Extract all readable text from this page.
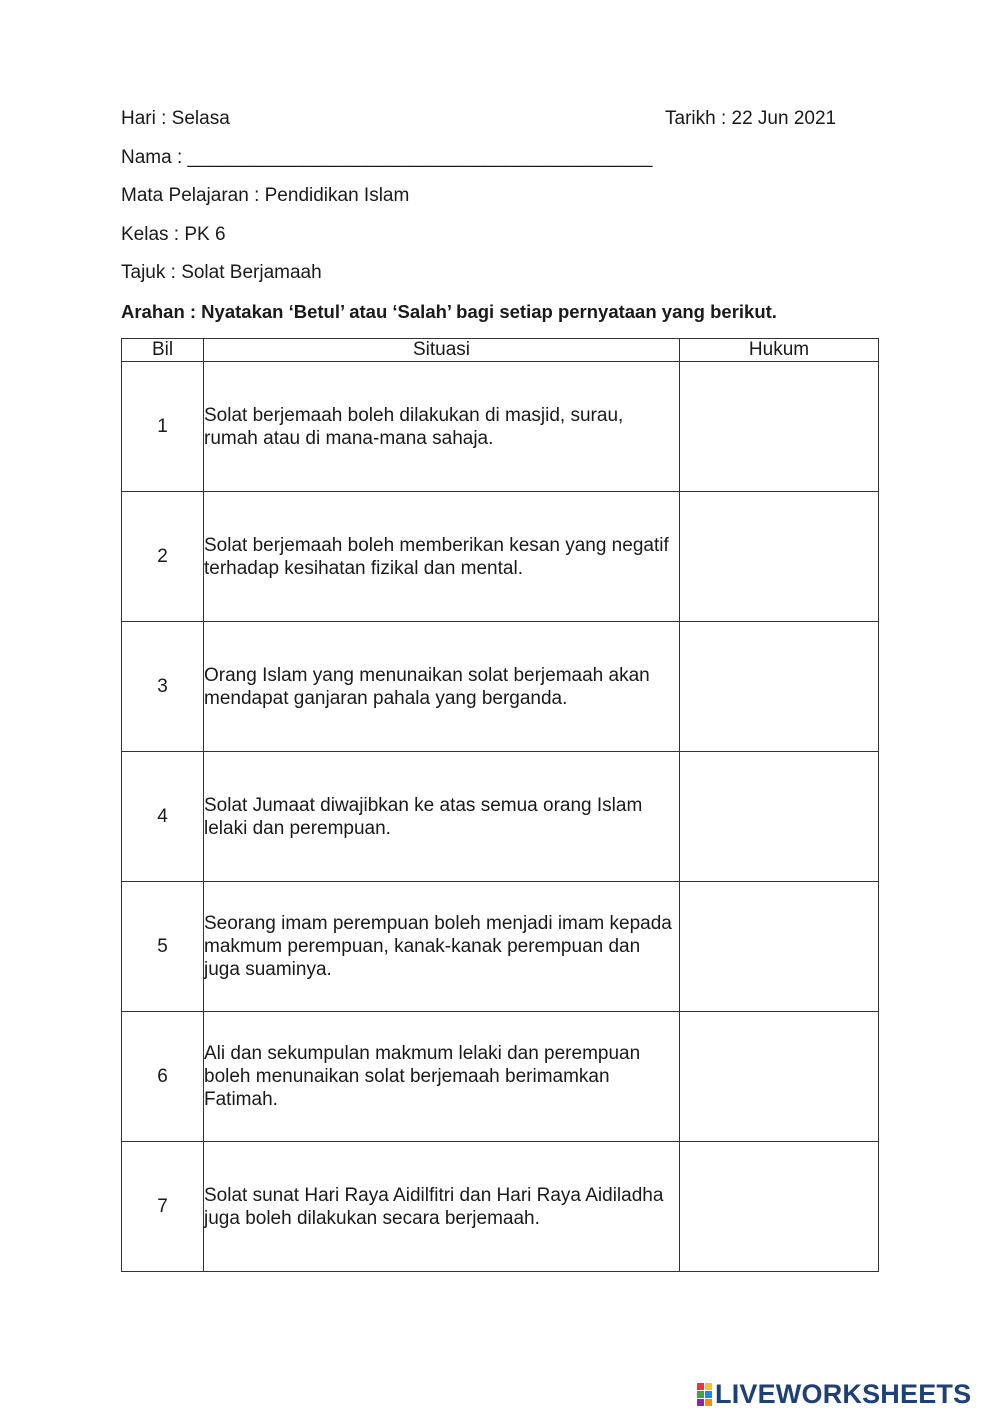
Hari : Selasa	Tarikh : 22 Jun 2021
Nama : ____________________________________________
Mata Pelajaran : Pendidikan Islam
Kelas : PK 6
Tajuk : Solat Berjamaah
Arahan : Nyatakan ‘Betul’ atau ‘Salah’ bagi setiap pernyataan yang berikut.
Bil	Situasi	Hukum
1	Solat berjemaah boleh dilakukan di masjid, surau, rumah atau di mana-mana sahaja.	
2	Solat berjemaah boleh memberikan kesan yang negatif terhadap kesihatan fizikal dan mental.	
3	Orang Islam yang menunaikan solat berjemaah akan mendapat ganjaran pahala yang berganda.	
4	Solat Jumaat diwajibkan ke atas semua orang Islam lelaki dan perempuan.	
5	Seorang imam perempuan boleh menjadi imam kepada makmum perempuan, kanak-kanak perempuan dan juga suaminya.	
6	Ali dan sekumpulan makmum lelaki dan perempuan boleh menunaikan solat berjemaah berimamkan Fatimah.	
7	Solat sunat Hari Raya Aidilfitri dan Hari Raya Aidiladha juga boleh dilakukan secara berjemaah.	
LIVEWORKSHEETS
